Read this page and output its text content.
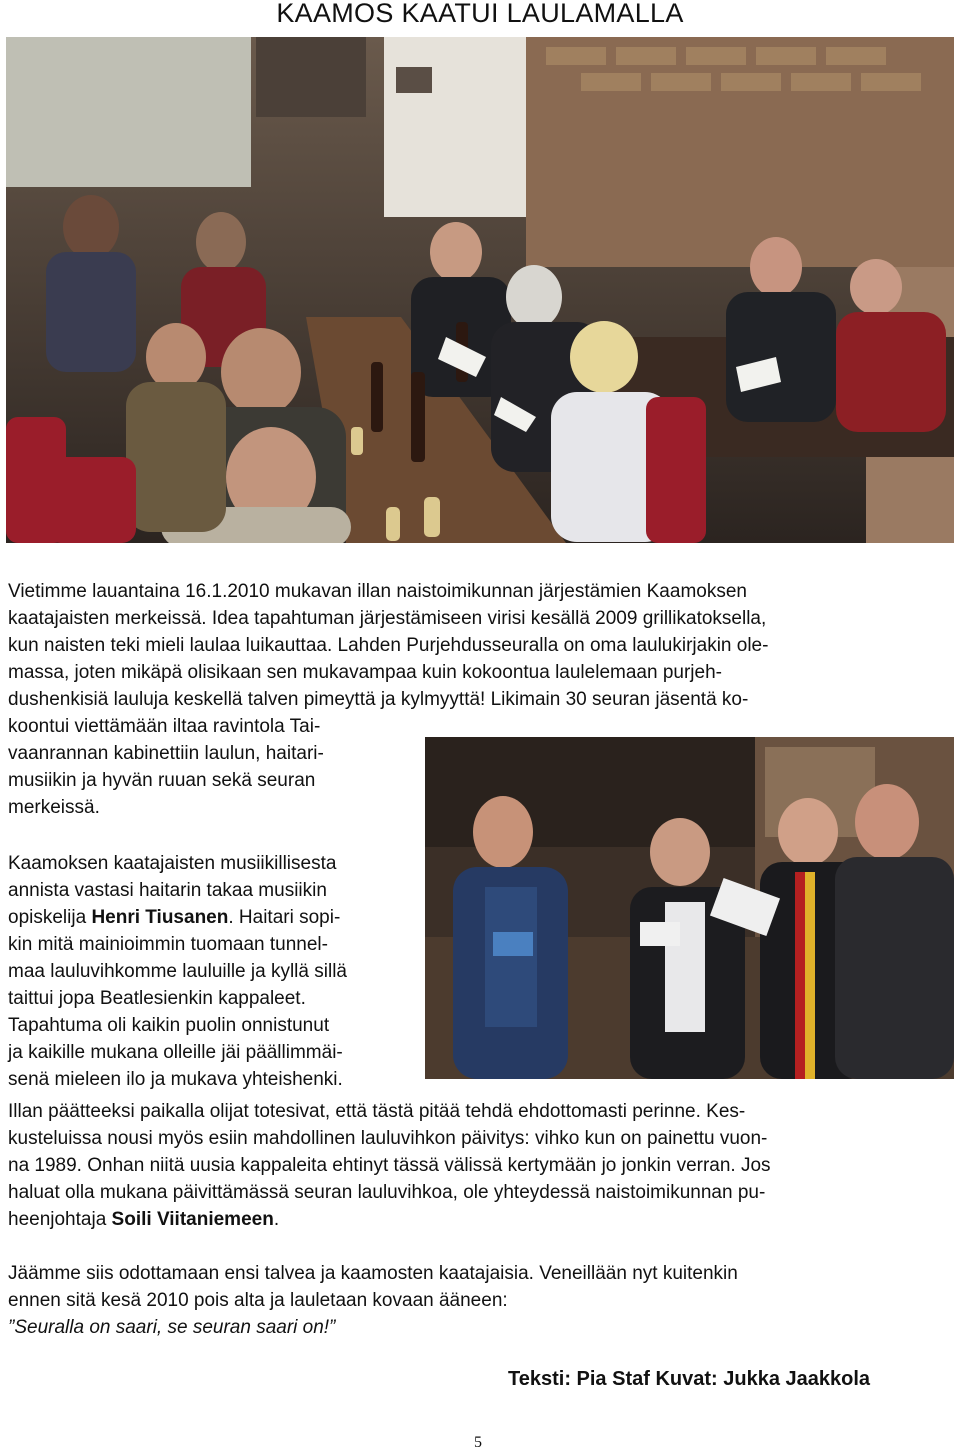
KAAMOS KAATUI LAULAMALLA
Vietimme lauantaina 16.1.2010 mukavan illan naistoimikunnan järjestämien Kaamoksen
kaatajaisten merkeissä. Idea tapahtuman järjestämiseen virisi kesällä 2009 grillikatoksella,
kun naisten teki mieli laulaa luikauttaa. Lahden Purjehdusseuralla on oma laulukirjakin ole-
massa, joten mikäpä olisikaan sen mukavampaa kuin kokoontua laulelemaan purjeh-
dushenkisiä lauluja keskellä talven pimeyttä ja kylmyyttä! Likimain 30 seuran jäsentä ko-
koontui viettämään iltaa ravintola Tai-
vaanrannan kabinettiin laulun, haitari-
musiikin ja hyvän ruuan sekä seuran
merkeissä.
Kaamoksen kaatajaisten musiikillisesta
annista vastasi haitarin takaa musiikin
opiskelija Henri Tiusanen. Haitari sopi-
kin mitä mainioimmin tuomaan tunnel-
maa lauluvihkomme lauluille ja kyllä sillä
taittui jopa Beatlesienkin kappaleet.
Tapahtuma oli kaikin puolin onnistunut
ja kaikille mukana olleille jäi päällimmäi-
senä mieleen ilo ja mukava yhteishenki.
Illan päätteeksi paikalla olijat totesivat, että tästä pitää tehdä ehdottomasti perinne. Kes-
kusteluissa nousi myös esiin mahdollinen lauluvihkon päivitys: vihko kun on painettu vuon-
na 1989. Onhan niitä uusia kappaleita ehtinyt tässä välissä kertymään jo jonkin verran. Jos
haluat olla mukana päivittämässä seuran lauluvihkoa, ole yhteydessä naistoimikunnan pu-
heenjohtaja Soili Viitaniemeen.
Jäämme siis odottamaan ensi talvea ja kaamosten kaatajaisia. Veneillään nyt kuitenkin
ennen sitä kesä 2010 pois alta ja lauletaan kovaan ääneen:
”Seuralla on saari, se seuran saari on!”
Teksti: Pia Staf Kuvat: Jukka Jaakkola
5
